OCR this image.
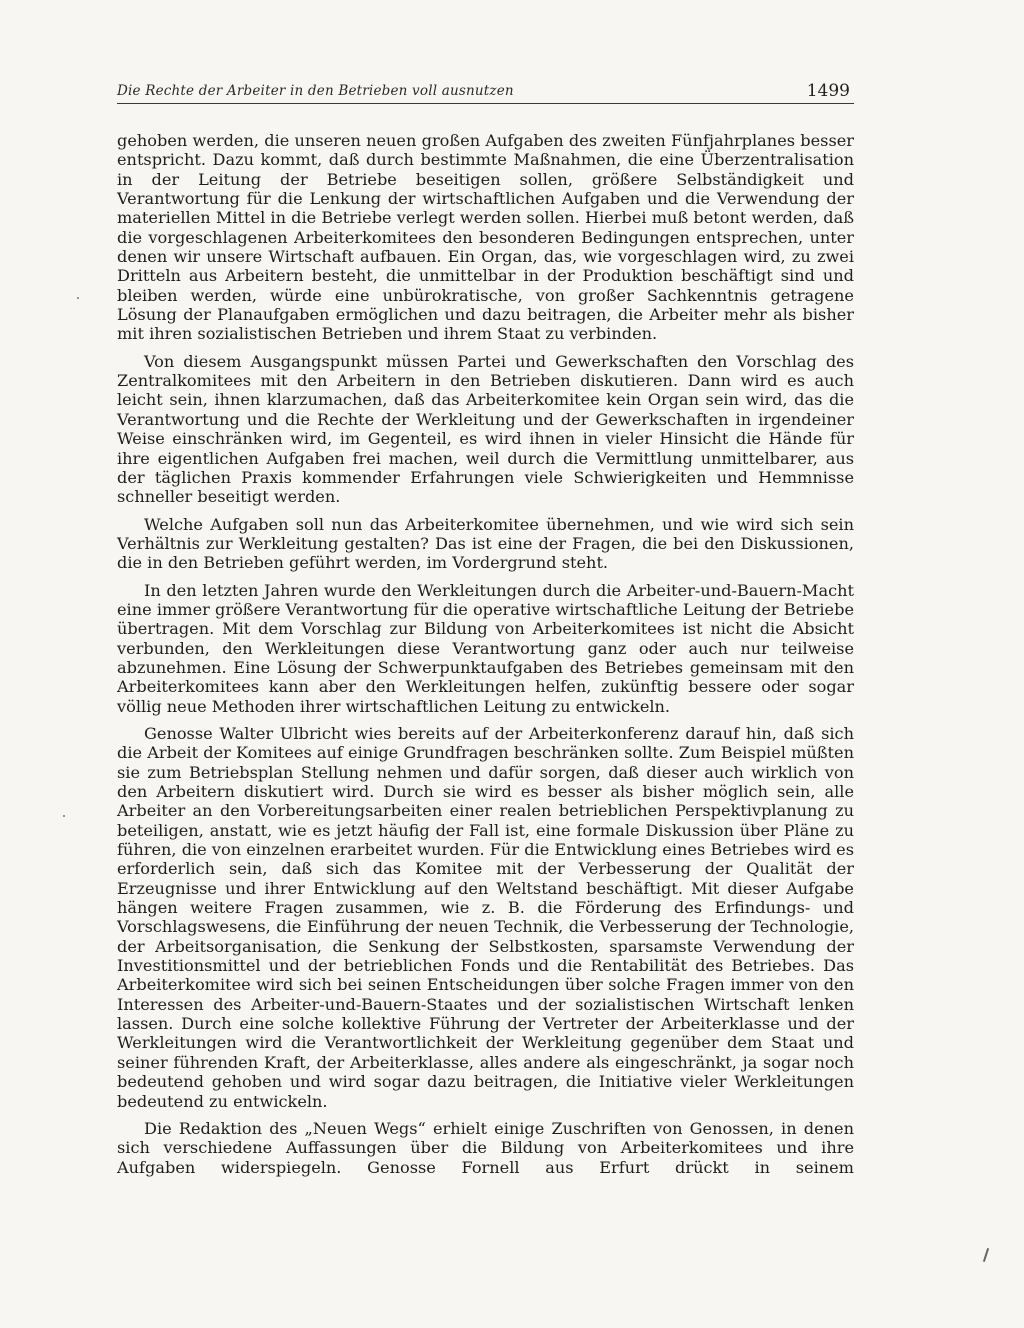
Die Rechte der Arbeiter in den Betrieben voll ausnutzen	1499

gehoben werden, die unseren neuen großen Aufgaben des zweiten Fünfjahrplanes besser entspricht. Dazu kommt, daß durch bestimmte Maßnahmen, die eine Überzentralisation in der Leitung der Betriebe beseitigen sollen, größere Selbständigkeit und Verantwortung für die Lenkung der wirtschaftlichen Aufgaben und die Verwendung der materiellen Mittel in die Betriebe verlegt werden sollen. Hierbei muß betont werden, daß die vorgeschlagenen Arbeiterkomitees den besonderen Bedingungen entsprechen, unter denen wir unsere Wirtschaft aufbauen. Ein Organ, das, wie vorgeschlagen wird, zu zwei Dritteln aus Arbeitern besteht, die unmittelbar in der Produktion beschäftigt sind und bleiben werden, würde eine unbürokratische, von großer Sachkenntnis getragene Lösung der Planaufgaben ermöglichen und dazu beitragen, die Arbeiter mehr als bisher mit ihren sozialistischen Betrieben und ihrem Staat zu verbinden.

Von diesem Ausgangspunkt müssen Partei und Gewerkschaften den Vorschlag des Zentralkomitees mit den Arbeitern in den Betrieben diskutieren. Dann wird es auch leicht sein, ihnen klarzumachen, daß das Arbeiterkomitee kein Organ sein wird, das die Verantwortung und die Rechte der Werkleitung und der Gewerkschaften in irgendeiner Weise einschränken wird, im Gegenteil, es wird ihnen in vieler Hinsicht die Hände für ihre eigentlichen Aufgaben frei machen, weil durch die Vermittlung unmittelbarer, aus der täglichen Praxis kommender Erfahrungen viele Schwierigkeiten und Hemmnisse schneller beseitigt werden.

Welche Aufgaben soll nun das Arbeiterkomitee übernehmen, und wie wird sich sein Verhältnis zur Werkleitung gestalten? Das ist eine der Fragen, die bei den Diskussionen, die in den Betrieben geführt werden, im Vordergrund steht.

In den letzten Jahren wurde den Werkleitungen durch die Arbeiter-und-Bauern-Macht eine immer größere Verantwortung für die operative wirtschaftliche Leitung der Betriebe übertragen. Mit dem Vorschlag zur Bildung von Arbeiterkomitees ist nicht die Absicht verbunden, den Werkleitungen diese Verantwortung ganz oder auch nur teilweise abzunehmen. Eine Lösung der Schwerpunktaufgaben des Betriebes gemeinsam mit den Arbeiterkomitees kann aber den Werkleitungen helfen, zukünftig bessere oder sogar völlig neue Methoden ihrer wirtschaftlichen Leitung zu entwickeln.

Genosse Walter Ulbricht wies bereits auf der Arbeiterkonferenz darauf hin, daß sich die Arbeit der Komitees auf einige Grundfragen beschränken sollte. Zum Beispiel müßten sie zum Betriebsplan Stellung nehmen und dafür sorgen, daß dieser auch wirklich von den Arbeitern diskutiert wird. Durch sie wird es besser als bisher möglich sein, alle Arbeiter an den Vorbereitungsarbeiten einer realen betrieblichen Perspektivplanung zu beteiligen, anstatt, wie es jetzt häufig der Fall ist, eine formale Diskussion über Pläne zu führen, die von einzelnen erarbeitet wurden. Für die Entwicklung eines Betriebes wird es erforderlich sein, daß sich das Komitee mit der Verbesserung der Qualität der Erzeugnisse und ihrer Entwicklung auf den Weltstand beschäftigt. Mit dieser Aufgabe hängen weitere Fragen zusammen, wie z. B. die Förderung des Erfindungs- und Vorschlagswesens, die Einführung der neuen Technik, die Verbesserung der Technologie, der Arbeitsorganisation, die Senkung der Selbstkosten, sparsamste Verwendung der Investitionsmittel und der betrieblichen Fonds und die Rentabilität des Betriebes. Das Arbeiterkomitee wird sich bei seinen Entscheidungen über solche Fragen immer von den Interessen des Arbeiter-und-Bauern-Staates und der sozialistischen Wirtschaft lenken lassen. Durch eine solche kollektive Führung der Vertreter der Arbeiterklasse und der Werkleitungen wird die Verantwortlichkeit der Werkleitung gegenüber dem Staat und seiner führenden Kraft, der Arbeiterklasse, alles andere als eingeschränkt, ja sogar noch bedeutend gehoben und wird sogar dazu beitragen, die Initiative vieler Werkleitungen bedeutend zu entwickeln.

Die Redaktion des „Neuen Wegs“ erhielt einige Zuschriften von Genossen, in denen sich verschiedene Auffassungen über die Bildung von Arbeiterkomitees und ihre Aufgaben widerspiegeln. Genosse Fornell aus Erfurt drückt in seinem
